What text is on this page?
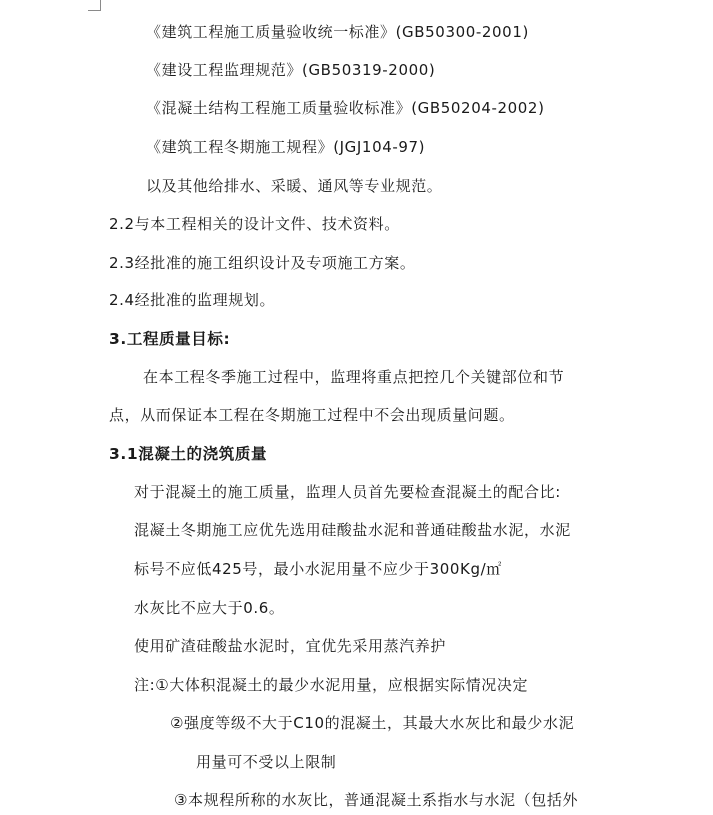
《建筑工程施工质量验收统一标准》(GB50300-2001)
《建设工程监理规范》(GB50319-2000)
《混凝土结构工程施工质量验收标准》(GB50204-2002)
《建筑工程冬期施工规程》(JGJ104-97)
以及其他给排水、采暖、通风等专业规范。
2.2与本工程相关的设计文件、技术资料。
2.3经批准的施工组织设计及专项施工方案。
2.4经批准的监理规划。
3.工程质量目标:
在本工程冬季施工过程中，监理将重点把控几个关键部位和节
点，从而保证本工程在冬期施工过程中不会出现质量问题。
3.1混凝土的浇筑质量
对于混凝土的施工质量，监理人员首先要检查混凝土的配合比:
混凝土冬期施工应优先选用硅酸盐水泥和普通硅酸盐水泥，水泥
标号不应低425号，最小水泥用量不应少于300Kg/㎡
水灰比不应大于0.6。
使用矿渣硅酸盐水泥时，宜优先采用蒸汽养护
注:①大体积混凝土的最少水泥用量，应根据实际情况决定
②强度等级不大于C10的混凝土，其最大水灰比和最少水泥
用量可不受以上限制
③本规程所称的水灰比，普通混凝土系指水与水泥（包括外
